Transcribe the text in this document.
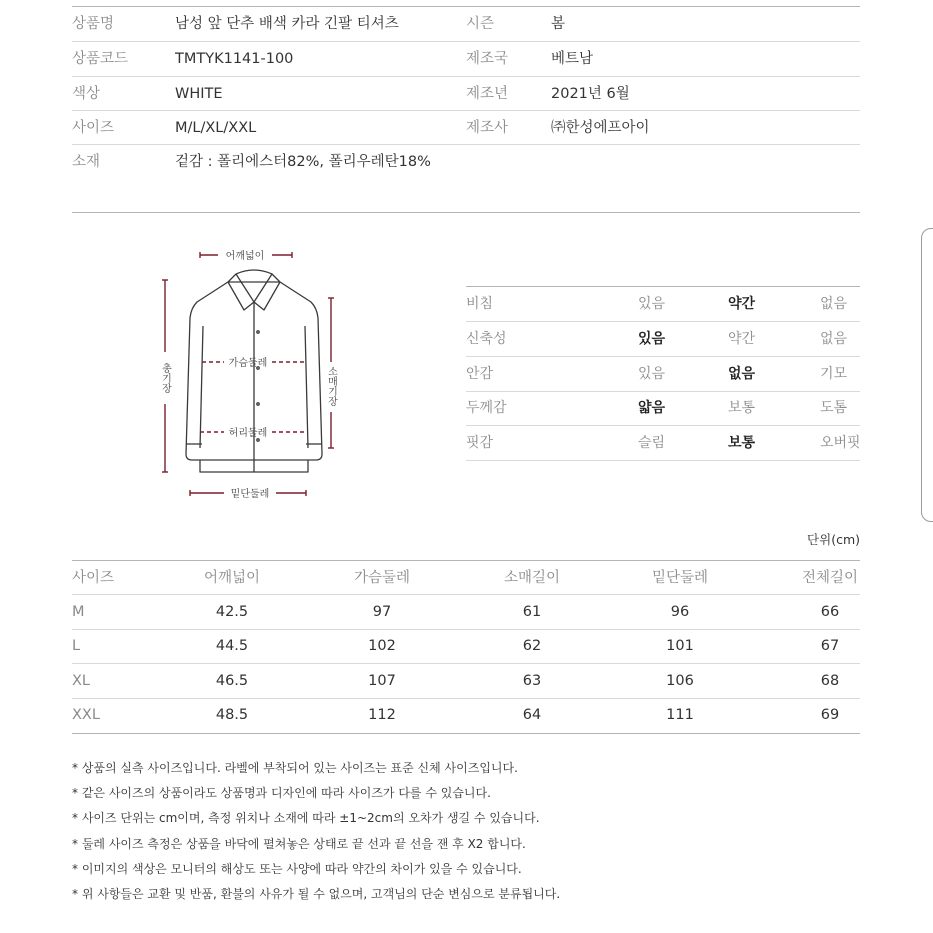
상품명	남성 앞 단추 배색 카라 긴팔 티셔츠	시즌	봄
상품코드	TMTYK1141-100	제조국	베트남
색상	WHITE	제조년	2021년 6월
사이즈	M/L/XL/XXL	제조사	㈜한성에프아이
소재	겉감 : 폴리에스터82%, 폴리우레탄18%
어깨넓이
가슴둘레
허리둘레
밑단둘레
총기장	소매기장
비침	있음	약간	없음
신축성	있음	약간	없음
안감	있음	없음	기모
두께감	얇음	보통	도톰
핏감	슬림	보통	오버핏
단위(cm)
사이즈	어깨넓이	가슴둘레	소매길이	밑단둘레	전체길이
M	42.5	97	61	96	66
L	44.5	102	62	101	67
XL	46.5	107	63	106	68
XXL	48.5	112	64	111	69
* 상품의 실측 사이즈입니다. 라벨에 부착되어 있는 사이즈는 표준 신체 사이즈입니다.
* 같은 사이즈의 상품이라도 상품명과 디자인에 따라 사이즈가 다를 수 있습니다.
* 사이즈 단위는 cm이며, 측정 위치나 소재에 따라 ±1~2cm의 오차가 생길 수 있습니다.
* 둘레 사이즈 측정은 상품을 바닥에 펼쳐놓은 상태로 끝 선과 끝 선을 잰 후 X2 합니다.
* 이미지의 색상은 모니터의 해상도 또는 사양에 따라 약간의 차이가 있을 수 있습니다.
* 위 사항들은 교환 및 반품, 환불의 사유가 될 수 없으며, 고객님의 단순 변심으로 분류됩니다.
